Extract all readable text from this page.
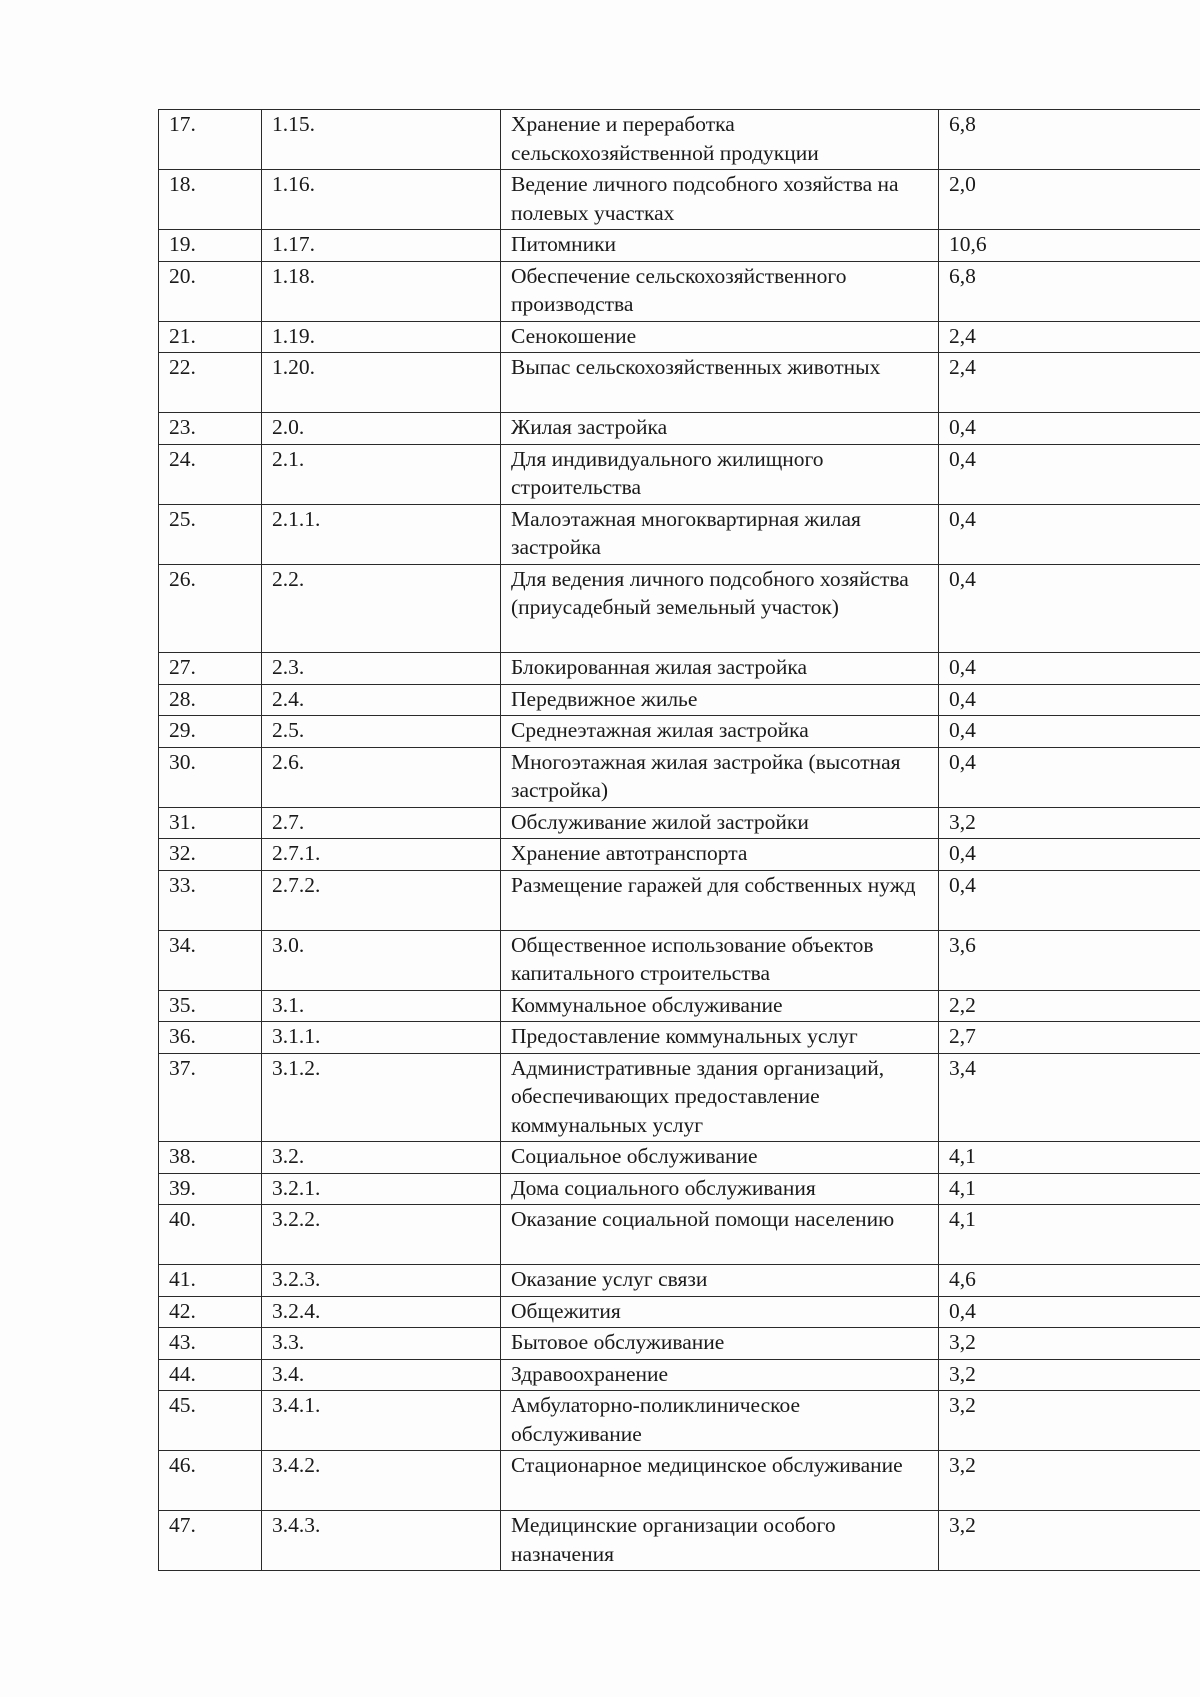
17.	1.15.	Хранение и переработка сельскохозяйственной продукции	6,8
18.	1.16.	Ведение личного подсобного хозяйства на полевых участках	2,0
19.	1.17.	Питомники	10,6
20.	1.18.	Обеспечение сельскохозяйственного производства	6,8
21.	1.19.	Сенокошение	2,4
22.	1.20.	Выпас сельскохозяйственных животных	2,4
23.	2.0.	Жилая застройка	0,4
24.	2.1.	Для индивидуального жилищного строительства	0,4
25.	2.1.1.	Малоэтажная многоквартирная жилая застройка	0,4
26.	2.2.	Для ведения личного подсобного хозяйства (приусадебный земельный участок)	0,4
27.	2.3.	Блокированная жилая застройка	0,4
28.	2.4.	Передвижное жилье	0,4
29.	2.5.	Среднеэтажная жилая застройка	0,4
30.	2.6.	Многоэтажная жилая застройка (высотная застройка)	0,4
31.	2.7.	Обслуживание жилой застройки	3,2
32.	2.7.1.	Хранение автотранспорта	0,4
33.	2.7.2.	Размещение гаражей для собственных нужд	0,4
34.	3.0.	Общественное использование объектов капитального строительства	3,6
35.	3.1.	Коммунальное обслуживание	2,2
36.	3.1.1.	Предоставление коммунальных услуг	2,7
37.	3.1.2.	Административные здания организаций, обеспечивающих предоставление коммунальных услуг	3,4
38.	3.2.	Социальное обслуживание	4,1
39.	3.2.1.	Дома социального обслуживания	4,1
40.	3.2.2.	Оказание социальной помощи населению	4,1
41.	3.2.3.	Оказание услуг связи	4,6
42.	3.2.4.	Общежития	0,4
43.	3.3.	Бытовое обслуживание	3,2
44.	3.4.	Здравоохранение	3,2
45.	3.4.1.	Амбулаторно-поликлиническое обслуживание	3,2
46.	3.4.2.	Стационарное медицинское обслуживание	3,2
47.	3.4.3.	Медицинские организации особого назначения	3,2
